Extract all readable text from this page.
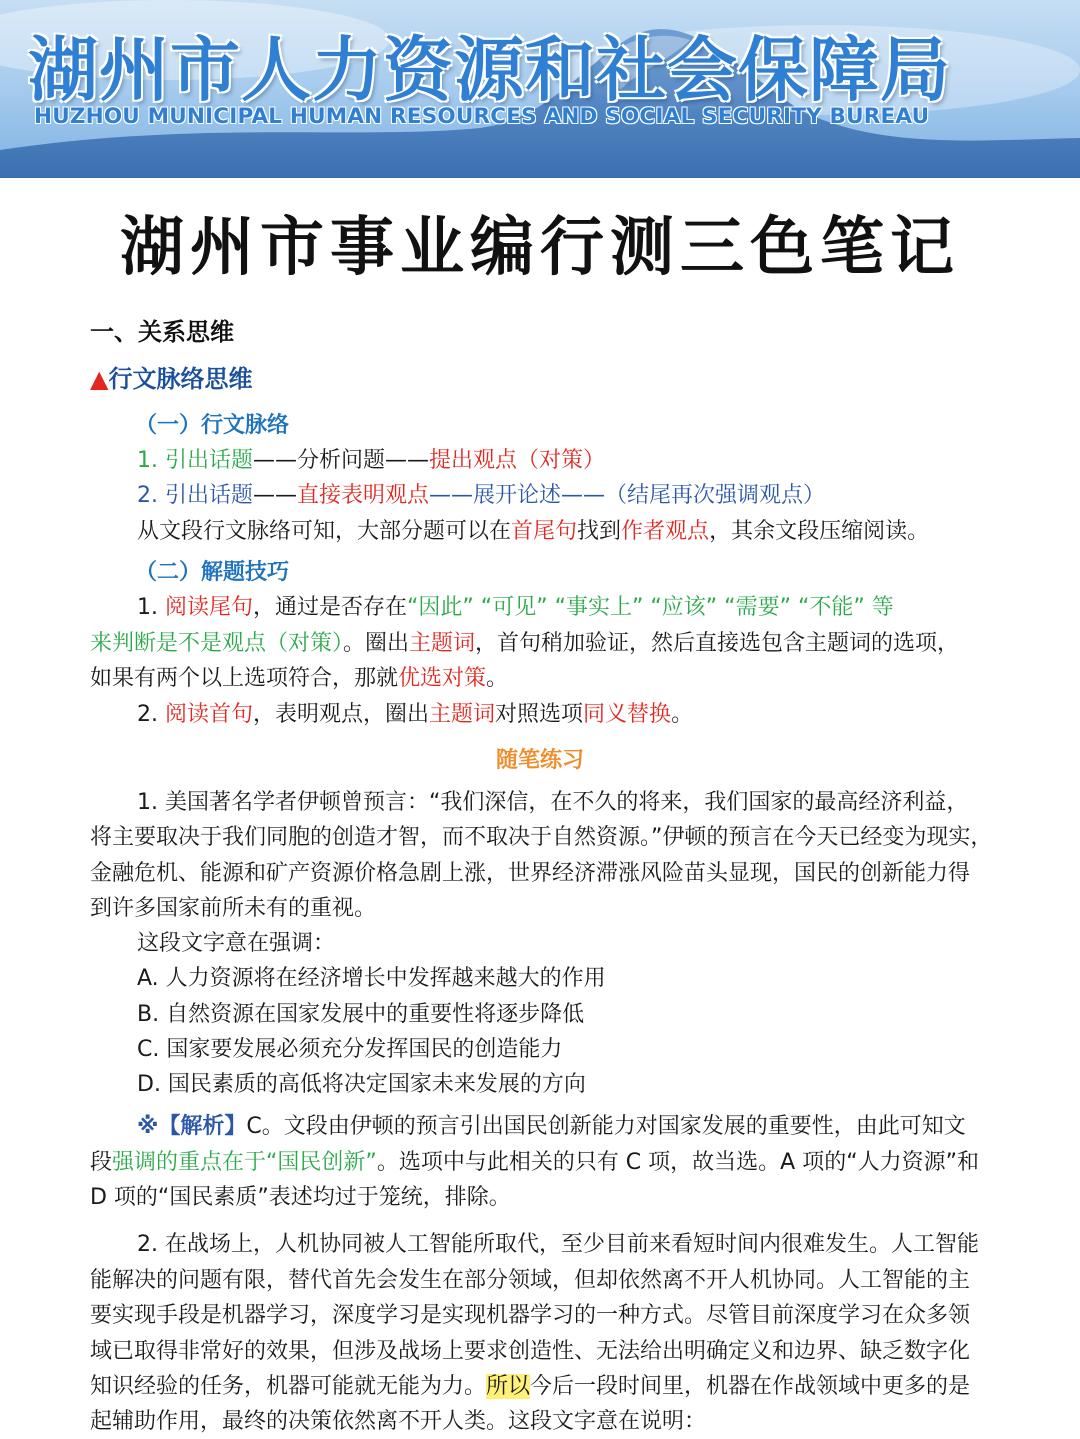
湖州市人力资源和社会保障局
HUZHOU MUNICIPAL HUMAN RESOURCES AND SOCIAL SECURITY BUREAU
湖州市事业编行测三色笔记
一、关系思维
▲行文脉络思维
（一）行文脉络
1. 引出话题——分析问题——提出观点（对策）
2. 引出话题——直接表明观点——展开论述——（结尾再次强调观点）
从文段行文脉络可知，大部分题可以在首尾句找到作者观点，其余文段压缩阅读。
（二）解题技巧
1. 阅读尾句，通过是否存在“因此” “可见” “事实上” “应该” “需要” “不能” 等
来判断是不是观点（对策）。圈出主题词，首句稍加验证，然后直接选包含主题词的选项，
如果有两个以上选项符合，那就优选对策。
2. 阅读首句，表明观点，圈出主题词对照选项同义替换。
随笔练习
1. 美国著名学者伊顿曾预言：“我们深信，在不久的将来，我们国家的最高经济利益，
将主要取决于我们同胞的创造才智，而不取决于自然资源。”伊顿的预言在今天已经变为现实，
金融危机、能源和矿产资源价格急剧上涨，世界经济滞涨风险苗头显现，国民的创新能力得
到许多国家前所未有的重视。
这段文字意在强调：
A. 人力资源将在经济增长中发挥越来越大的作用
B. 自然资源在国家发展中的重要性将逐步降低
C. 国家要发展必须充分发挥国民的创造能力
D. 国民素质的高低将决定国家未来发展的方向
※【解析】C。文段由伊顿的预言引出国民创新能力对国家发展的重要性，由此可知文
段强调的重点在于“国民创新”。选项中与此相关的只有 C 项，故当选。A 项的“人力资源”和
D 项的“国民素质”表述均过于笼统，排除。
2. 在战场上，人机协同被人工智能所取代，至少目前来看短时间内很难发生。人工智能
能解决的问题有限，替代首先会发生在部分领域，但却依然离不开人机协同。人工智能的主
要实现手段是机器学习，深度学习是实现机器学习的一种方式。尽管目前深度学习在众多领
域已取得非常好的效果，但涉及战场上要求创造性、无法给出明确定义和边界、缺乏数字化
知识经验的任务，机器可能就无能为力。所以今后一段时间里，机器在作战领域中更多的是
起辅助作用，最终的决策依然离不开人类。这段文字意在说明：
